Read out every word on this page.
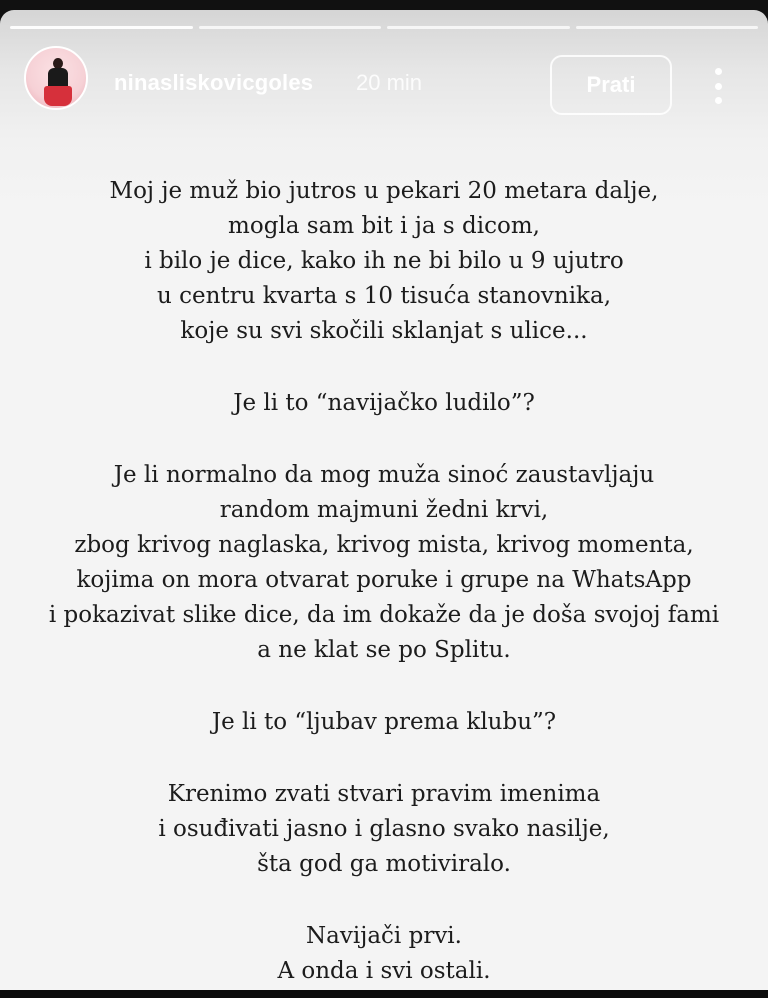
ninasliskovicgoles 20 min	Prati
Moj je muž bio jutros u pekari 20 metara dalje,
mogla sam bit i ja s dicom,
i bilo je dice, kako ih ne bi bilo u 9 ujutro
u centru kvarta s 10 tisuća stanovnika,
koje su svi skočili sklanjat s ulice...
Je li to “navijačko ludilo”?
Je li normalno da mog muža sinoć zaustavljaju
random majmuni žedni krvi,
zbog krivog naglaska, krivog mista, krivog momenta,
kojima on mora otvarat poruke i grupe na WhatsApp
i pokazivat slike dice, da im dokaže da je doša svojoj fami
a ne klat se po Splitu.
Je li to “ljubav prema klubu”?
Krenimo zvati stvari pravim imenima
i osuđivati jasno i glasno svako nasilje,
šta god ga motiviralo.
Navijači prvi.
A onda i svi ostali.
